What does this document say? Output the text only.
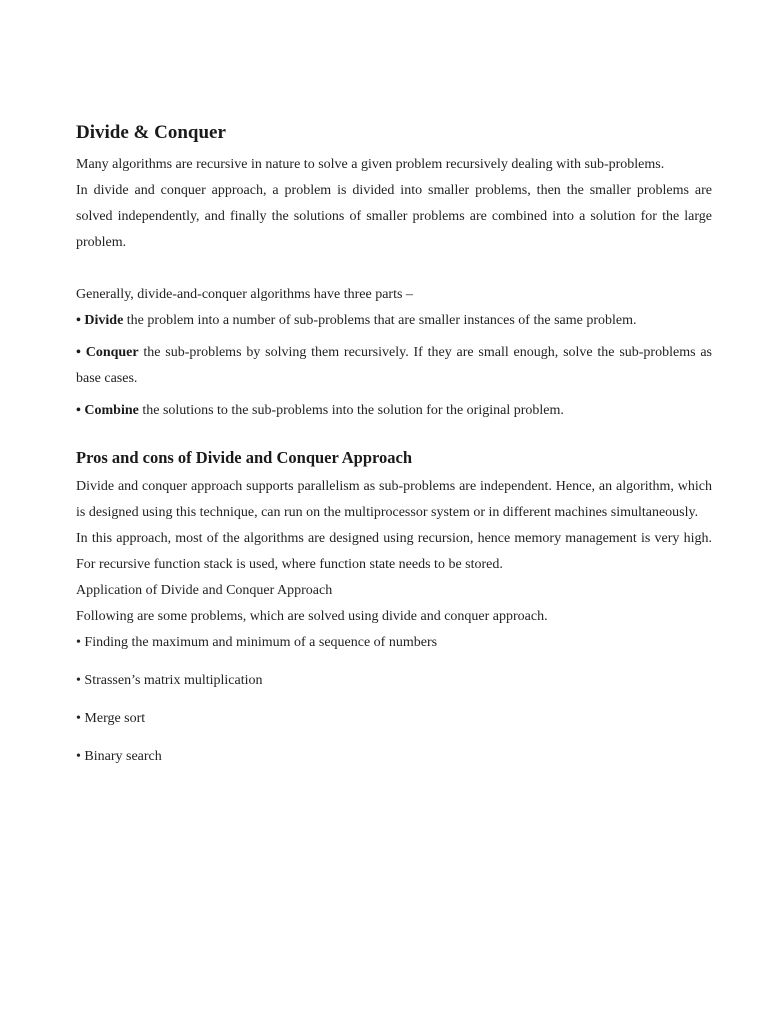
Divide & Conquer

Many algorithms are recursive in nature to solve a given problem recursively dealing with sub-problems.

In divide and conquer approach, a problem is divided into smaller problems, then the smaller problems are solved independently, and finally the solutions of smaller problems are combined into a solution for the large problem.

Generally, divide-and-conquer algorithms have three parts –

• Divide the problem into a number of sub-problems that are smaller instances of the same problem.

• Conquer the sub-problems by solving them recursively. If they are small enough, solve the sub-problems as base cases.

• Combine the solutions to the sub-problems into the solution for the original problem.

Pros and cons of Divide and Conquer Approach

Divide and conquer approach supports parallelism as sub-problems are independent. Hence, an algorithm, which is designed using this technique, can run on the multiprocessor system or in different machines simultaneously.

In this approach, most of the algorithms are designed using recursion, hence memory management is very high. For recursive function stack is used, where function state needs to be stored.

Application of Divide and Conquer Approach

Following are some problems, which are solved using divide and conquer approach.

• Finding the maximum and minimum of a sequence of numbers

• Strassen’s matrix multiplication

• Merge sort

• Binary search
